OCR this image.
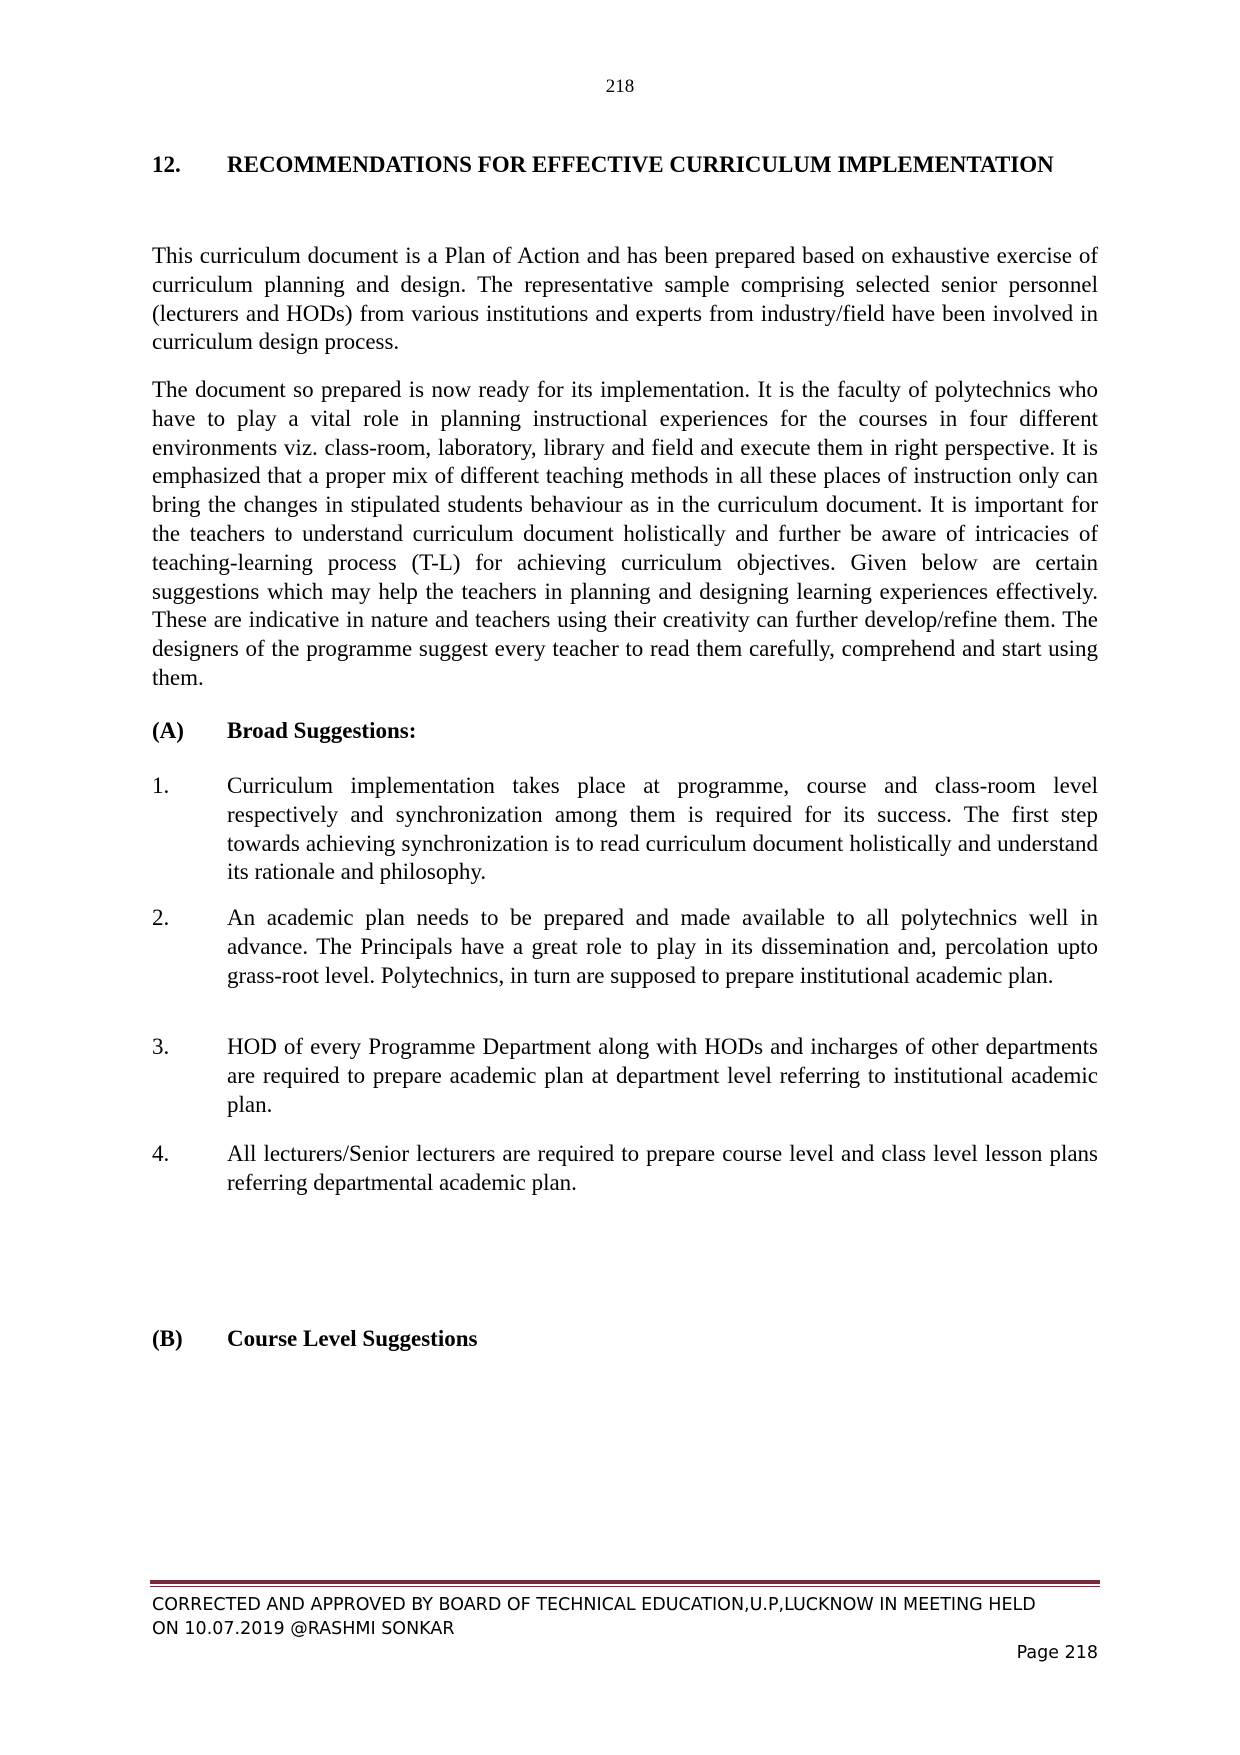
218
12. RECOMMENDATIONS FOR EFFECTIVE CURRICULUM IMPLEMENTATION
This curriculum document is a Plan of Action and has been prepared based on exhaustive exercise of curriculum planning and design. The representative sample comprising selected senior personnel (lecturers and HODs) from various institutions and experts from industry/field have been involved in curriculum design process.
The document so prepared is now ready for its implementation. It is the faculty of polytechnics who have to play a vital role in planning instructional experiences for the courses in four different environments viz. class-room, laboratory, library and field and execute them in right perspective. It is emphasized that a proper mix of different teaching methods in all these places of instruction only can bring the changes in stipulated students behaviour as in the curriculum document. It is important for the teachers to understand curriculum document holistically and further be aware of intricacies of teaching-learning process (T-L) for achieving curriculum objectives. Given below are certain suggestions which may help the teachers in planning and designing learning experiences effectively. These are indicative in nature and teachers using their creativity can further develop/refine them. The designers of the programme suggest every teacher to read them carefully, comprehend and start using them.
(A) Broad Suggestions:
1.	Curriculum implementation takes place at programme, course and class-room level respectively and synchronization among them is required for its success. The first step towards achieving synchronization is to read curriculum document holistically and understand its rationale and philosophy.
2.	An academic plan needs to be prepared and made available to all polytechnics well in advance. The Principals have a great role to play in its dissemination and, percolation upto grass-root level. Polytechnics, in turn are supposed to prepare institutional academic plan.
3.	HOD of every Programme Department along with HODs and incharges of other departments are required to prepare academic plan at department level referring to institutional academic plan.
4.	All lecturers/Senior lecturers are required to prepare course level and class level lesson plans referring departmental academic plan.
(B) Course Level Suggestions
CORRECTED AND APPROVED BY BOARD OF TECHNICAL EDUCATION,U.P,LUCKNOW IN MEETING HELD
ON 10.07.2019 @RASHMI SONKAR
Page 218
